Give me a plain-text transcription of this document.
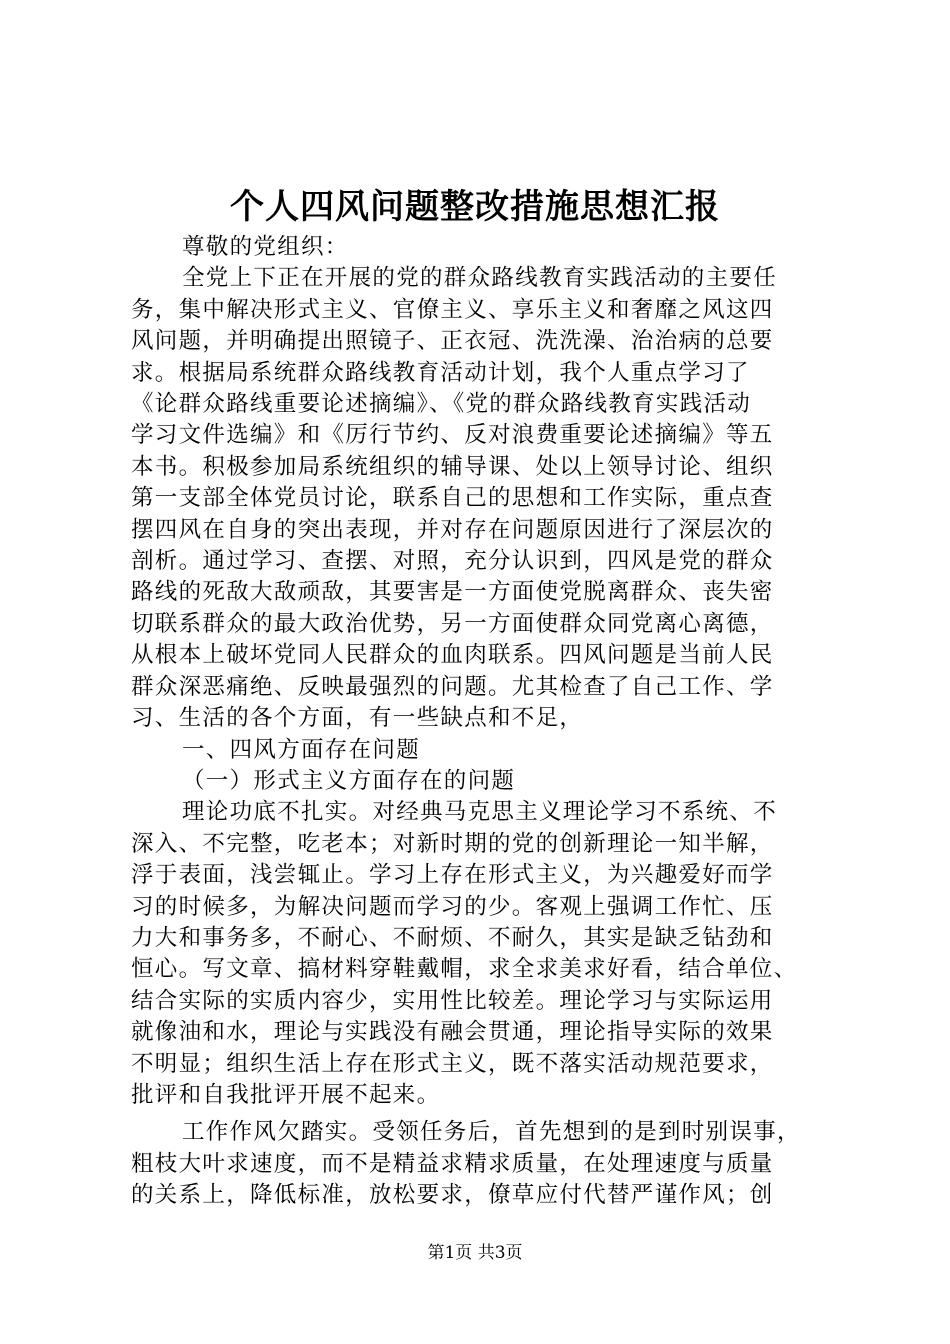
个人四风问题整改措施思想汇报
尊敬的党组织：
全党上下正在开展的党的群众路线教育实践活动的主要任
务，集中解决形式主义、官僚主义、享乐主义和奢靡之风这四
风问题，并明确提出照镜子、正衣冠、洗洗澡、治治病的总要
求。根据局系统群众路线教育活动计划，我个人重点学习了
《论群众路线重要论述摘编》、《党的群众路线教育实践活动
学习文件选编》和《厉行节约、反对浪费重要论述摘编》等五
本书。积极参加局系统组织的辅导课、处以上领导讨论、组织
第一支部全体党员讨论，联系自己的思想和工作实际，重点查
摆四风在自身的突出表现，并对存在问题原因进行了深层次的
剖析。通过学习、查摆、对照，充分认识到，四风是党的群众
路线的死敌大敌顽敌，其要害是一方面使党脱离群众、丧失密
切联系群众的最大政治优势，另一方面使群众同党离心离德，
从根本上破坏党同人民群众的血肉联系。四风问题是当前人民
群众深恶痛绝、反映最强烈的问题。尤其检查了自己工作、学
习、生活的各个方面，有一些缺点和不足，
一、四风方面存在问题
（一）形式主义方面存在的问题
理论功底不扎实。对经典马克思主义理论学习不系统、不
深入、不完整，吃老本；对新时期的党的创新理论一知半解，
浮于表面，浅尝辄止。学习上存在形式主义，为兴趣爱好而学
习的时候多，为解决问题而学习的少。客观上强调工作忙、压
力大和事务多，不耐心、不耐烦、不耐久，其实是缺乏钻劲和
恒心。写文章、搞材料穿鞋戴帽，求全求美求好看，结合单位、
结合实际的实质内容少，实用性比较差。理论学习与实际运用
就像油和水，理论与实践没有融会贯通，理论指导实际的效果
不明显；组织生活上存在形式主义，既不落实活动规范要求，
批评和自我批评开展不起来。
工作作风欠踏实。受领任务后，首先想到的是到时别误事，
粗枝大叶求速度，而不是精益求精求质量，在处理速度与质量
的关系上，降低标准，放松要求，僚草应付代替严谨作风；创
第1页 共3页
